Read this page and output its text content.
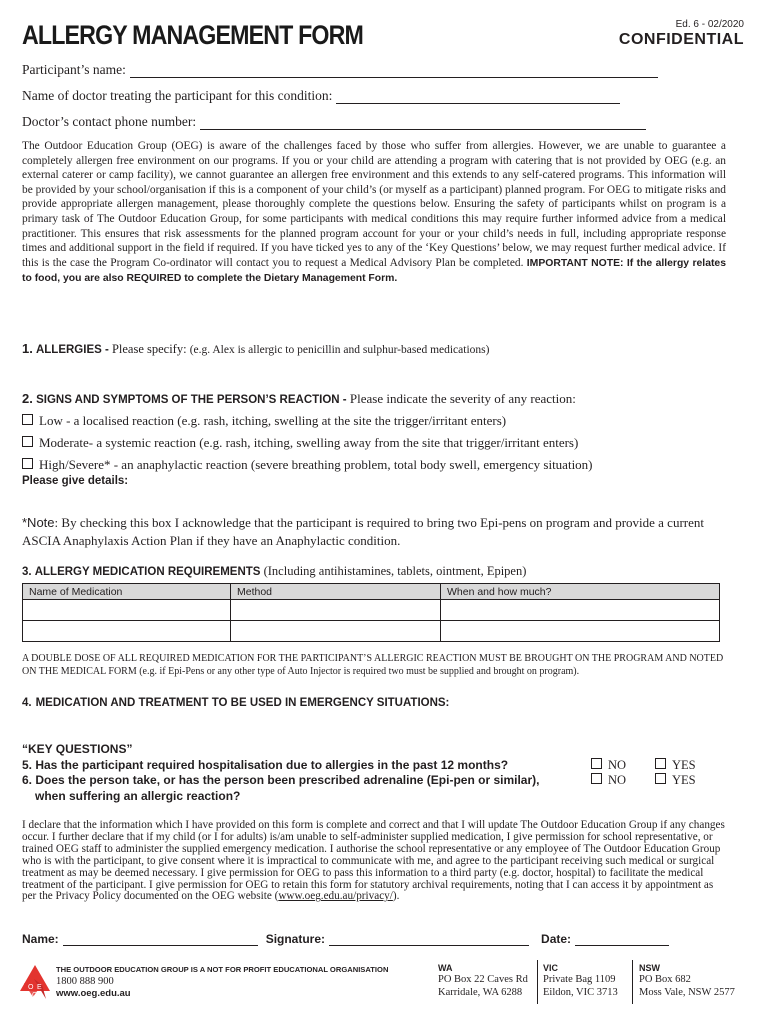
ALLERGY MANAGEMENT FORM	Ed. 6 - 02/2020
CONFIDENTIAL
Participant’s name:
Name of doctor treating the participant for this condition:
Doctor’s contact phone number:
The Outdoor Education Group (OEG) is aware of the challenges faced by those who suffer from allergies. However, we are unable to guarantee a completely allergen free environment on our programs. If you or your child are attending a program with catering that is not provided by OEG (e.g. an external caterer or camp facility), we cannot guarantee an allergen free environment and this extends to any self-catered programs. This information will be provided by your school/organisation if this is a component of your child’s (or myself as a participant) planned program. For OEG to mitigate risks and provide appropriate allergen management, please thoroughly complete the questions below. Ensuring the safety of participants whilst on program is a primary task of The Outdoor Education Group, for some participants with medical conditions this may require further informed advice from a medical practitioner. This ensures that risk assessments for the planned program account for your or your child’s needs in full, including appropriate response times and additional support in the field if required. If you have ticked yes to any of the ‘Key Questions’ below, we may request further medical advice. If this is the case the Program Co-ordinator will contact you to request a Medical Advisory Plan be completed. IMPORTANT NOTE: If the allergy relates to food, you are also REQUIRED to complete the Dietary Management Form.
1. ALLERGIES - Please specify: (e.g. Alex is allergic to penicillin and sulphur-based medications)
2. SIGNS AND SYMPTOMS OF THE PERSON’S REACTION - Please indicate the severity of any reaction:
Low - a localised reaction (e.g. rash, itching, swelling at the site the trigger/irritant enters)
Moderate- a systemic reaction (e.g. rash, itching, swelling away from the site that trigger/irritant enters)
High/Severe* - an anaphylactic reaction (severe breathing problem, total body swell, emergency situation)
Please give details:
*Note: By checking this box I acknowledge that the participant is required to bring two Epi-pens on program and provide a current ASCIA Anaphylaxis Action Plan if they have an Anaphylactic condition.
3. ALLERGY MEDICATION REQUIREMENTS (Including antihistamines, tablets, ointment, Epipen)
Name of Medication	Method	When and how much?

A DOUBLE DOSE OF ALL REQUIRED MEDICATION FOR THE PARTICIPANT’S ALLERGIC REACTION MUST BE BROUGHT ON THE PROGRAM AND NOTED ON THE MEDICAL FORM (e.g. if Epi-Pens or any other type of Auto Injector is required two must be supplied and brought on program).
4. MEDICATION AND TREATMENT TO BE USED IN EMERGENCY SITUATIONS:
“KEY QUESTIONS”
5. Has the participant required hospitalisation due to allergies in the past 12 months?
6. Does the person take, or has the person been prescribed adrenaline (Epi-pen or similar),
when suffering an allergic reaction?
NO	YES
NO	YES
I declare that the information which I have provided on this form is complete and correct and that I will update The Outdoor Education Group if any changes occur. I further declare that if my child (or I for adults) is/am unable to self-administer supplied medication, I give permission for school representative, or trained OEG staff to administer the supplied emergency medication. I authorise the school representative or any employee of The Outdoor Education Group who is with the participant, to give consent where it is impractical to communicate with me, and agree to the participant receiving such medical or surgical treatment as may be deemed necessary. I give permission for OEG to pass this information to a third party (e.g. doctor, hospital) to facilitate the medical treatment of the participant. I give permission for OEG to retain this form for statutory archival requirements, noting that I can access it by appointment as per the Privacy Policy documented on the OEG website (www.oeg.edu.au/privacy/).
Name:	Signature:	Date:
O E
G
THE OUTDOOR EDUCATION GROUP IS A NOT FOR PROFIT EDUCATIONAL ORGANISATION
1800 888 900
www.oeg.edu.au
WA
PO Box 22 Caves Rd
Karridale, WA 6288
VIC
Private Bag 1109
Eildon, VIC 3713
NSW
PO Box 682
Moss Vale, NSW 2577
